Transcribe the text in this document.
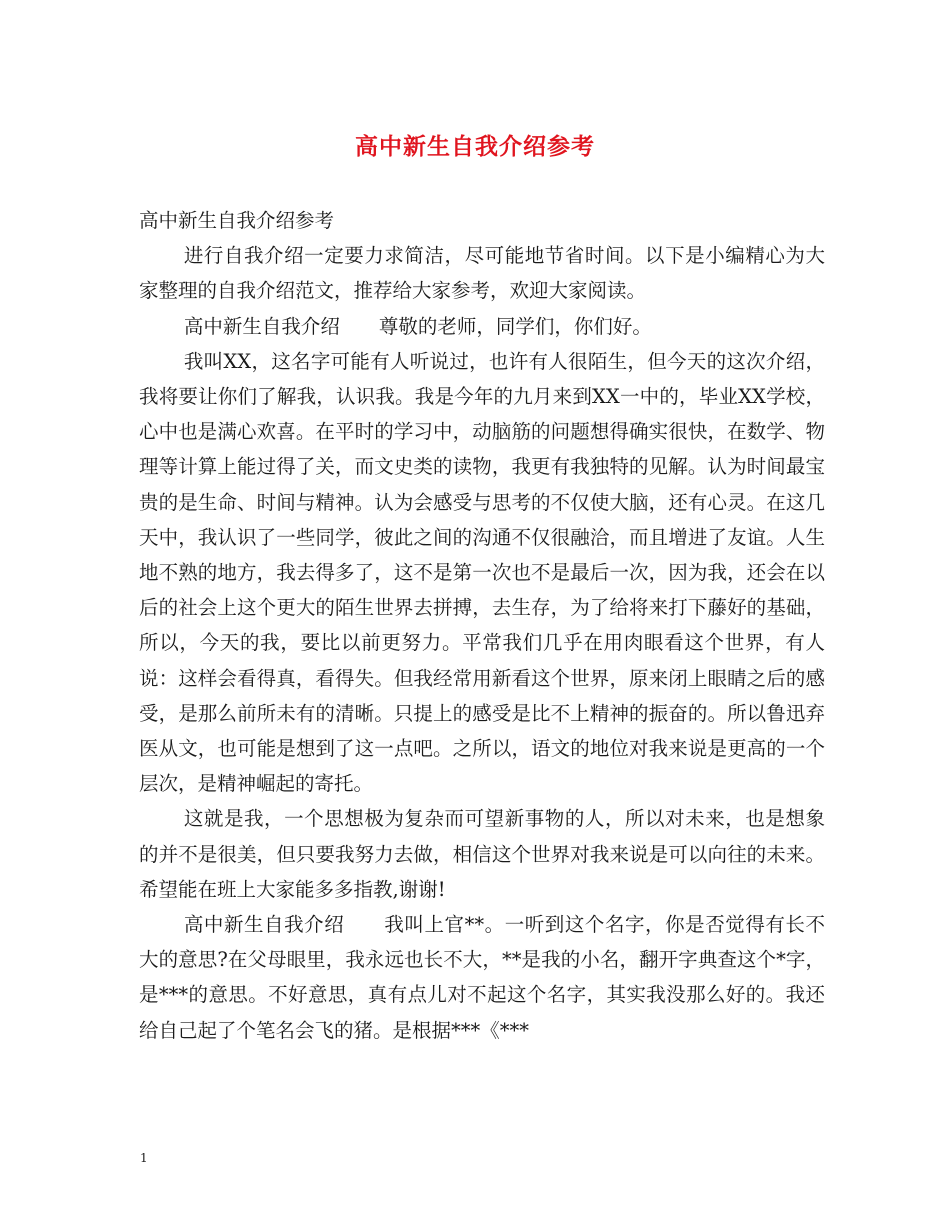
高中新生自我介绍参考

高中新生自我介绍参考

进行自我介绍一定要力求简洁，尽可能地节省时间。以下是小编精心为大家整理的自我介绍范文，推荐给大家参考，欢迎大家阅读。

高中新生自我介绍　　尊敬的老师，同学们，你们好。

我叫XX，这名字可能有人听说过，也许有人很陌生，但今天的这次介绍，我将要让你们了解我，认识我。我是今年的九月来到XX一中的，毕业XX学校，心中也是满心欢喜。在平时的学习中，动脑筋的问题想得确实很快，在数学、物理等计算上能过得了关，而文史类的读物，我更有我独特的见解。认为时间最宝贵的是生命、时间与精神。认为会感受与思考的不仅使大脑，还有心灵。在这几天中，我认识了一些同学，彼此之间的沟通不仅很融洽，而且增进了友谊。人生地不熟的地方，我去得多了，这不是第一次也不是最后一次，因为我，还会在以后的社会上这个更大的陌生世界去拼搏，去生存，为了给将来打下藤好的基础，所以，今天的我，要比以前更努力。平常我们几乎在用肉眼看这个世界，有人说：这样会看得真，看得失。但我经常用新看这个世界，原来闭上眼睛之后的感受，是那么前所未有的清晰。只提上的感受是比不上精神的振奋的。所以鲁迅弃医从文，也可能是想到了这一点吧。之所以，语文的地位对我来说是更高的一个层次，是精神崛起的寄托。

这就是我，一个思想极为复杂而可望新事物的人，所以对未来，也是想象的并不是很美，但只要我努力去做，相信这个世界对我来说是可以向往的未来。希望能在班上大家能多多指教,谢谢!

高中新生自我介绍　　我叫上官**。一听到这个名字，你是否觉得有长不大的意思?在父母眼里，我永远也长不大，**是我的小名，翻开字典查这个*字，是***的意思。不好意思，真有点儿对不起这个名字，其实我没那么好的。我还给自己起了个笔名会飞的猪。是根据***《***

1
